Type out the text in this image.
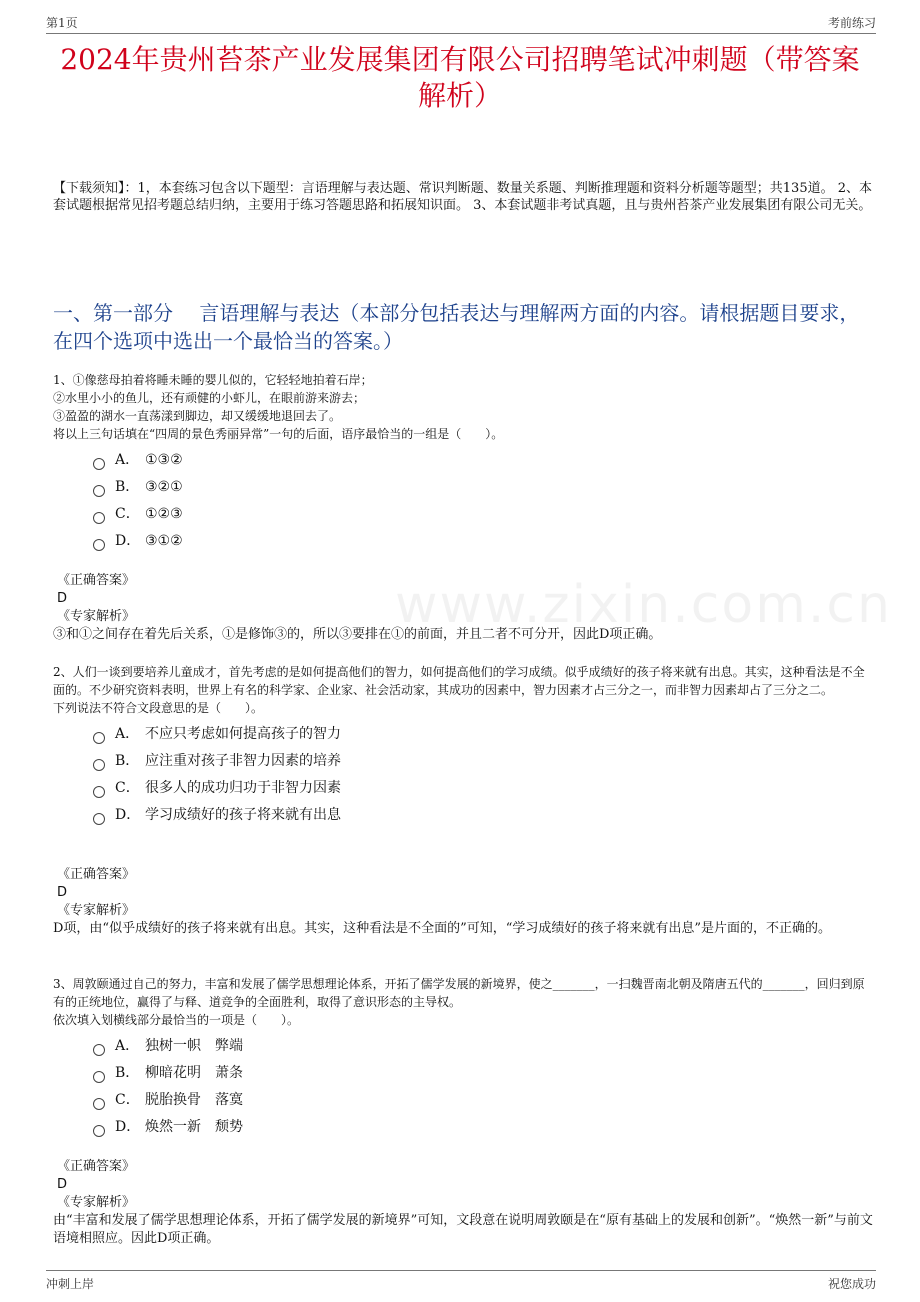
第1页	考前练习
www.zixin.com.cn
2024年贵州苔茶产业发展集团有限公司招聘笔试冲刺题（带答案解析）
【下载须知】：1，本套练习包含以下题型：言语理解与表达题、常识判断题、数量关系题、判断推理题和资料分析题等题型；共135道。 2、本套试题根据常见招考题总结归纳，主要用于练习答题思路和拓展知识面。 3、本套试题非考试真题，且与贵州苔茶产业发展集团有限公司无关。
一、第一部分　 言语理解与表达（本部分包括表达与理解两方面的内容。请根据题目要求，在四个选项中选出一个最恰当的答案。）

1、①像慈母拍着将睡未睡的婴儿似的，它轻轻地拍着石岸；

②水里小小的鱼儿，还有顽健的小虾儿，在眼前游来游去；

③盈盈的湖水一直荡漾到脚边，却又缓缓地退回去了。

将以上三句话填在“四周的景色秀丽异常”一句的后面，语序最恰当的一组是（　　）。

A． ①③②
B． ③②①
C． ①②③
D． ③①②
《正确答案》
D
《专家解析》
③和①之间存在着先后关系，①是修饰③的，所以③要排在①的前面，并且二者不可分开，因此D项正确。

2、人们一谈到要培养儿童成才，首先考虑的是如何提高他们的智力，如何提高他们的学习成绩。似乎成绩好的孩子将来就有出息。其实，这种看法是不全面的。不少研究资料表明，世界上有名的科学家、企业家、社会活动家，其成功的因素中，智力因素才占三分之一，而非智力因素却占了三分之二。

下列说法不符合文段意思的是（　　）。

A． 不应只考虑如何提高孩子的智力
B． 应注重对孩子非智力因素的培养
C． 很多人的成功归功于非智力因素
D． 学习成绩好的孩子将来就有出息
《正确答案》
D
《专家解析》
D项，由“似乎成绩好的孩子将来就有出息。其实，这种看法是不全面的”可知，“学习成绩好的孩子将来就有出息”是片面的，不正确的。

3、周敦颐通过自己的努力，丰富和发展了儒学思想理论体系，开拓了儒学发展的新境界，使之_______，一扫魏晋南北朝及隋唐五代的_______，回归到原有的正统地位，赢得了与释、道竞争的全面胜利，取得了意识形态的主导权。

依次填入划横线部分最恰当的一项是（　　）。

A． 独树一帜　弊端
B． 柳暗花明　萧条
C． 脱胎换骨　落寞
D． 焕然一新　颓势
《正确答案》
D
《专家解析》
由“丰富和发展了儒学思想理论体系，开拓了儒学发展的新境界”可知，文段意在说明周敦颐是在“原有基础上的发展和创新”。“焕然一新”与前文语境相照应。因此D项正确。
冲刺上岸	祝您成功
